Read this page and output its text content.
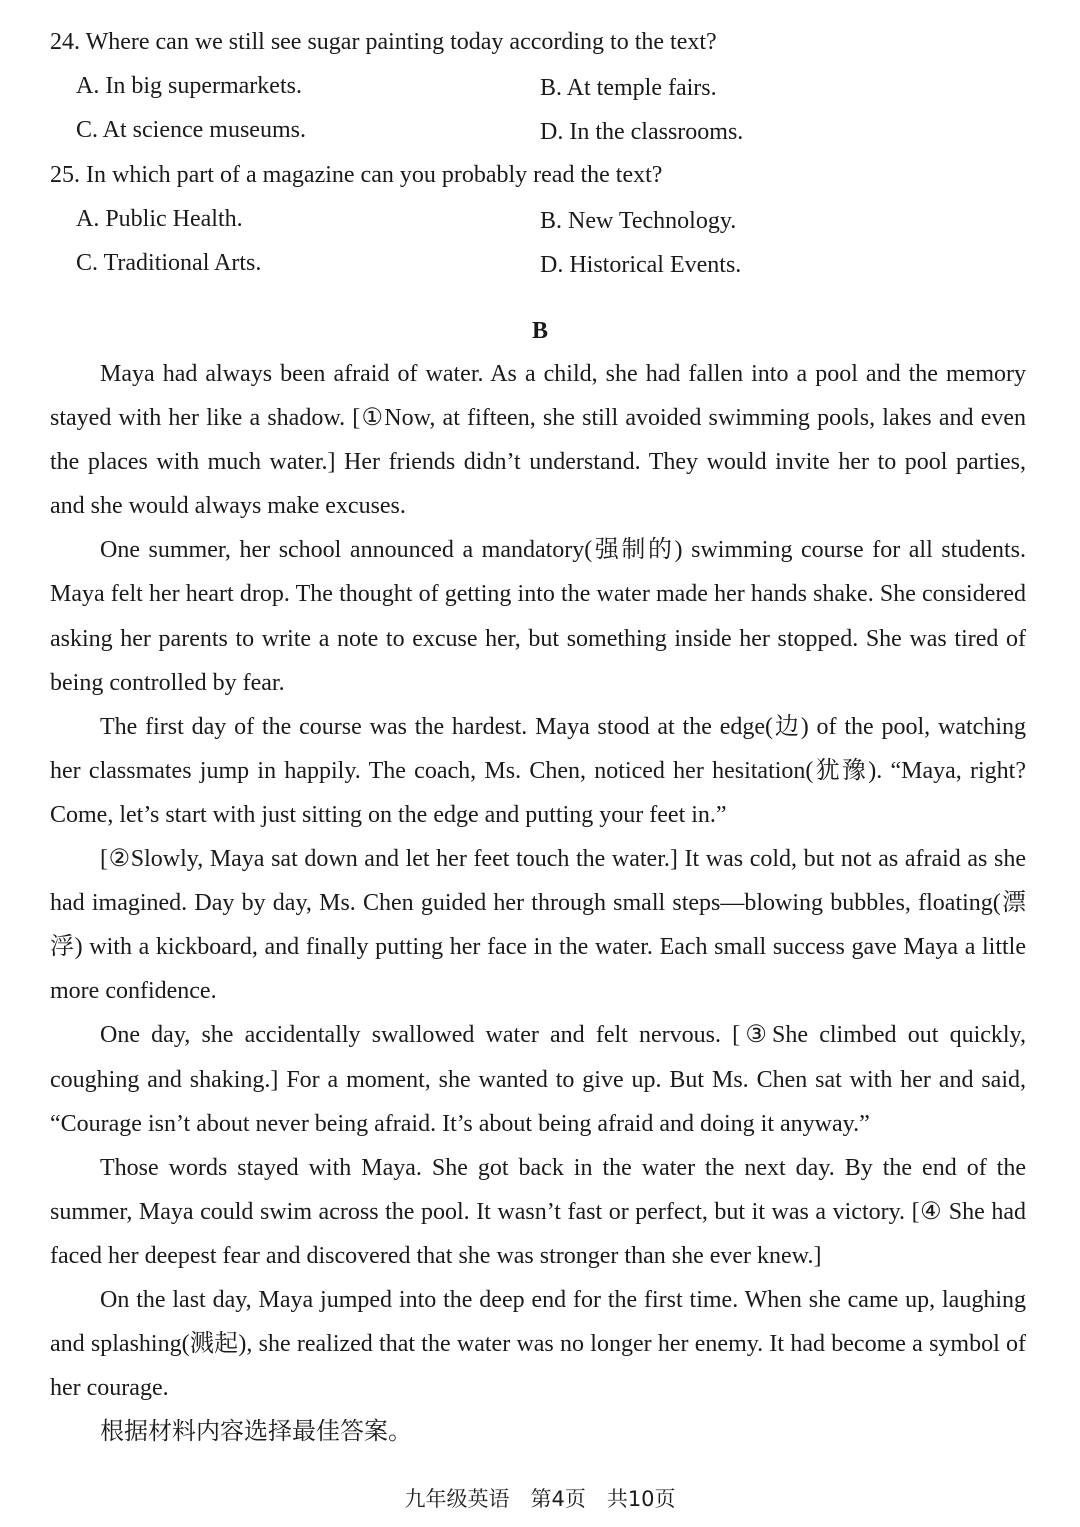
24. Where can we still see sugar painting today according to the text?
A. In big supermarkets.	B. At temple fairs.
C. At science museums.	D. In the classrooms.
25. In which part of a magazine can you probably read the text?
A. Public Health.	B. New Technology.
C. Traditional Arts.	D. Historical Events.
B

Maya had always been afraid of water. As a child, she had fallen into a pool and the memory stayed with her like a shadow. [①Now, at fifteen, she still avoided swimming pools, lakes and even the places with much water.] Her friends didn’t understand. They would invite her to pool parties, and she would always make excuses.

One summer, her school announced a mandatory(强制的) swimming course for all students. Maya felt her heart drop. The thought of getting into the water made her hands shake. She considered asking her parents to write a note to excuse her, but something inside her stopped. She was tired of being controlled by fear.

The first day of the course was the hardest. Maya stood at the edge(边) of the pool, watching her classmates jump in happily. The coach, Ms. Chen, noticed her hesitation(犹豫). “Maya, right? Come, let’s start with just sitting on the edge and putting your feet in.”

[②Slowly, Maya sat down and let her feet touch the water.] It was cold, but not as afraid as she had imagined. Day by day, Ms. Chen guided her through small steps—blowing bubbles, floating(漂浮) with a kickboard, and finally putting her face in the water. Each small success gave Maya a little more confidence.

One day, she accidentally swallowed water and felt nervous. [③She climbed out quickly, coughing and shaking.] For a moment, she wanted to give up. But Ms. Chen sat with her and said, “Courage isn’t about never being afraid. It’s about being afraid and doing it anyway.”

Those words stayed with Maya. She got back in the water the next day. By the end of the summer, Maya could swim across the pool. It wasn’t fast or perfect, but it was a victory. [④ She had faced her deepest fear and discovered that she was stronger than she ever knew.]

On the last day, Maya jumped into the deep end for the first time. When she came up, laughing and splashing(溅起), she realized that the water was no longer her enemy. It had become a symbol of her courage.

根据材料内容选择最佳答案。
九年级英语　第4页　共10页
